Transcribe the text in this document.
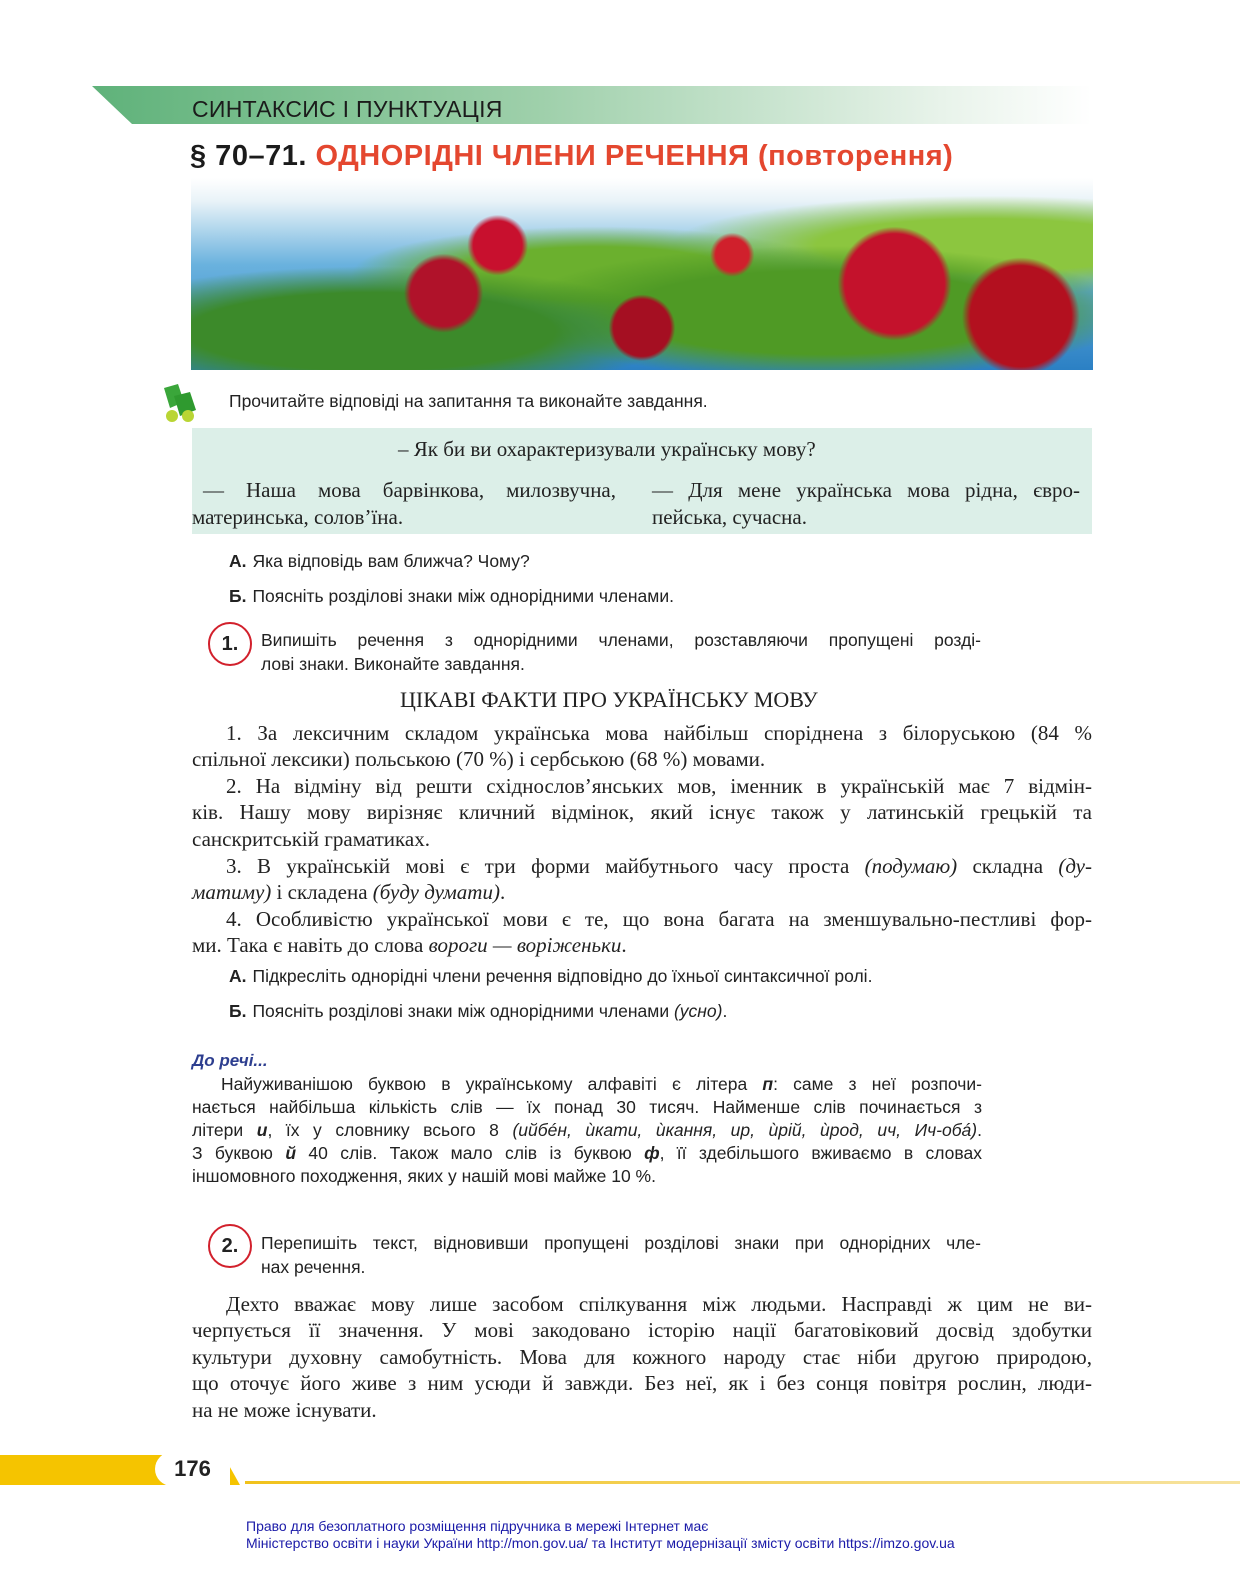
СИНТАКСИС І ПУНКТУАЦІЯ
§ 70–71. ОДНОРІДНІ ЧЛЕНИ РЕЧЕННЯ (повторення)
Прочитайте відповіді на запитання та виконайте завдання.
– Як би ви охарактеризували українську мову?
— Наша мова барвінкова, милозвучна,
материнська, солов’їна.
— Для мене українська мова рідна, євро-
пейська, сучасна.
А. Яка відповідь вам ближча? Чому?
Б. Поясніть розділові знаки між однорідними членами.
1.	Випишіть речення з однорідними членами, розставляючи пропущені розді-
лові знаки. Виконайте завдання.
ЦІКАВІ ФАКТИ ПРО УКРАЇНСЬКУ МОВУ
1. За лексичним складом українська мова найбільш споріднена з білоруською (84 %
спільної лексики) польською (70 %) і сербською (68 %) мовами.
2. На відміну від решти східнослов’янських мов, іменник в українській має 7 відмін-
ків. Нашу мову вирізняє кличний відмінок, який існує також у латинській грецькій та
санскритській граматиках.
3. В українській мові є три форми майбутнього часу проста (подумаю) складна (ду-
матиму) і складена (буду думати).
4. Особливістю української мови є те, що вона багата на зменшувально-пестливі фор-
ми. Така є навіть до слова вороги — воріженьки.
А. Підкресліть однорідні члени речення відповідно до їхньої синтаксичної ролі.
Б. Поясніть розділові знаки між однорідними членами (усно).
До речі...
Найуживанішою буквою в українському алфавіті є літера п: саме з неї розпочи-
нається найбільша кількість слів — їх понад 30 тисяч. Найменше слів починається з
літери и, їх у словнику всього 8 (ийбéн, ѝкати, ѝкання, ир, ѝрій, ѝрод, ич, Ич-обá).
З буквою й 40 слів. Також мало слів із буквою ф, її здебільшого вживаємо в словах
іншомовного походження, яких у нашій мові майже 10 %.
2.	Перепишіть текст, відновивши пропущені розділові знаки при однорідних чле-
нах речення.
Дехто вважає мову лише засобом спілкування між людьми. Насправді ж цим не ви-
черпується її значення. У мові закодовано історію нації багатовіковий досвід здобутки
культури духовну самобутність. Мова для кожного народу стає ніби другою природою,
що оточує його живе з ним усюди й завжди. Без неї, як і без сонця повітря рослин, люди-
на не може існувати.
176
Право для безоплатного розміщення підручника в мережі Інтернет має
Міністерство освіти і науки України http://mon.gov.ua/ та Інститут модернізації змісту освіти https://imzo.gov.ua
